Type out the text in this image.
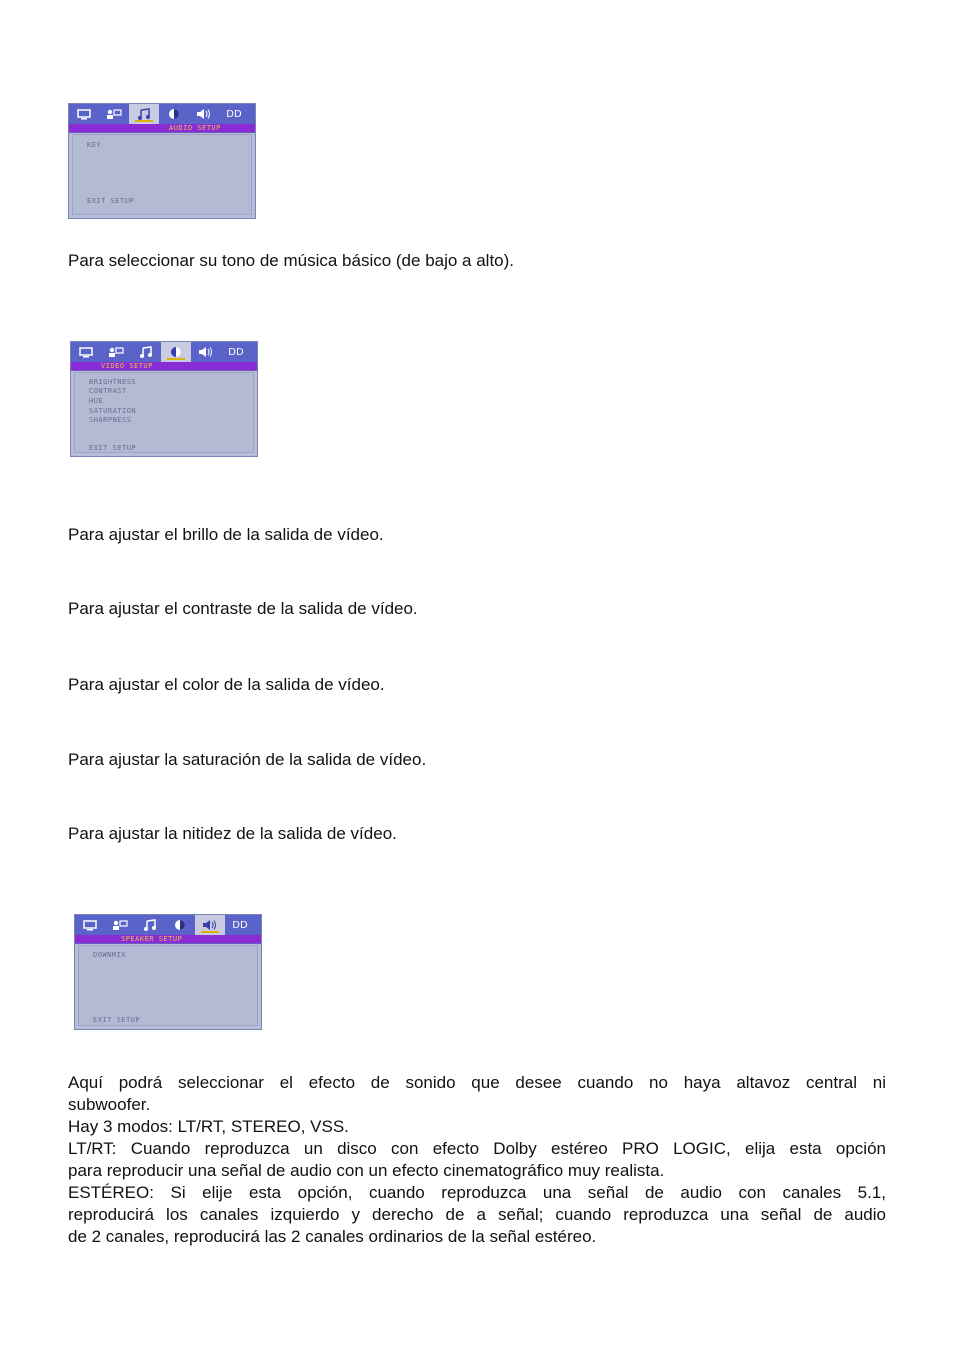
DD
AUDIO SETUP
KEY
EXIT SETUP
Para seleccionar su tono de música básico (de bajo a alto).
DD
VIDEO SETUP
BRIGHTNESS
CONTRAST
HUE
SATURATION
SHARPNESS
EXIT SETUP
Para ajustar el brillo de la salida de vídeo.
Para ajustar el contraste de la salida de vídeo.
Para ajustar el color de la salida de vídeo.
Para ajustar la saturación de la salida de vídeo.
Para ajustar la nitidez de la salida de vídeo.
DD
SPEAKER SETUP
DOWNMIX
EXIT SETUP

Aquí podrá seleccionar el efecto de sonido que desee cuando no haya altavoz central ni

subwoofer.

Hay 3 modos: LT/RT, STEREO, VSS.

LT/RT: Cuando reproduzca un disco con efecto Dolby estéreo PRO LOGIC, elija esta opción

para reproducir una señal de audio con un efecto cinematográfico muy realista.

ESTÉREO: Si elije esta opción, cuando reproduzca una señal de audio con canales 5.1,

reproducirá los canales izquierdo y derecho de a señal; cuando reproduzca una señal de audio

de 2 canales, reproducirá las 2 canales ordinarios de la señal estéreo.
